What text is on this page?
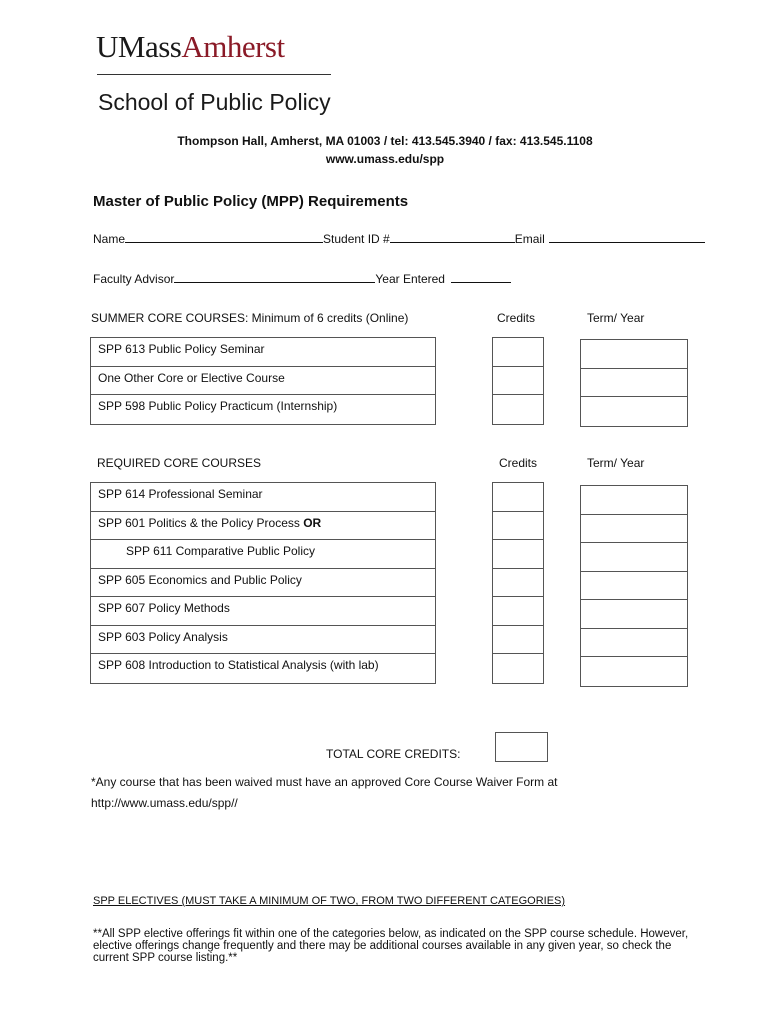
UMassAmherst
School of Public Policy
Thompson Hall, Amherst, MA 01003 / tel: 413.545.3940 / fax: 413.545.1108
www.umass.edu/spp
Master of Public Policy (MPP) Requirements
Name	Student ID #	Email
Faculty Advisor	Year Entered
SUMMER CORE COURSES: Minimum of 6 credits (Online)	Credits	Term/ Year
SPP 613 Public Policy Seminar
One Other Core or Elective Course
SPP 598 Public Policy Practicum (Internship)
REQUIRED CORE COURSES	Credits	Term/ Year
SPP 614 Professional Seminar
SPP 601 Politics & the Policy Process OR
SPP 611 Comparative Public Policy
SPP 605 Economics and Public Policy
SPP 607 Policy Methods
SPP 603 Policy Analysis
SPP 608 Introduction to Statistical Analysis (with lab)
TOTAL CORE CREDITS:
*Any course that has been waived must have an approved Core Course Waiver Form at
http://www.umass.edu/spp//
SPP ELECTIVES (MUST TAKE A MINIMUM OF TWO, FROM TWO DIFFERENT CATEGORIES)
**All SPP elective offerings fit within one of the categories below, as indicated on the SPP course schedule. However, elective offerings change frequently and there may be additional courses available in any given year, so check the current SPP course listing.**
